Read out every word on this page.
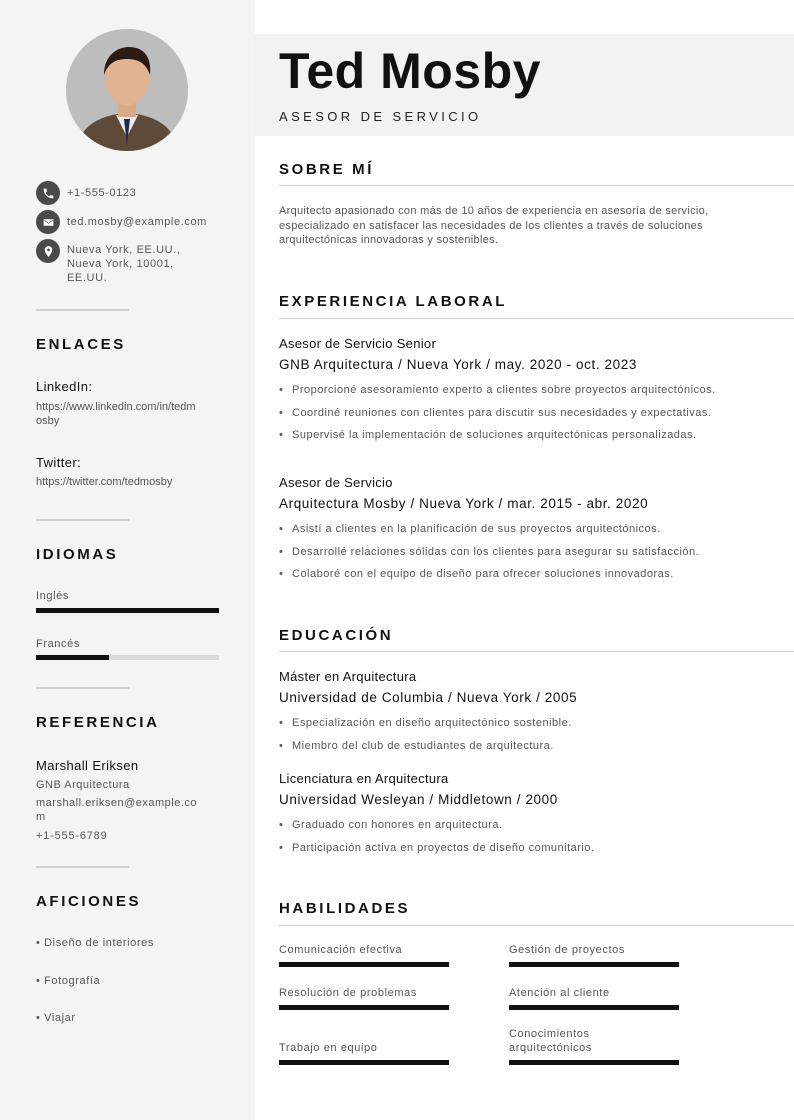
+1-555-0123
ted.mosby@example.com
Nueva York, EE.UU.,
Nueva York, 10001,
EE.UU.
ENLACES
LinkedIn:
https://www.linkedin.com/in/tedm
osby
Twitter:
https://twitter.com/tedmosby
IDIOMAS
Inglés
Francés
REFERENCIA
Marshall Eriksen
GNB Arquitectura
marshall.eriksen@example.co
m
+1-555-6789
AFICIONES
• Diseño de interiores
• Fotografía
• Viajar
Ted Mosby
ASESOR DE SERVICIO
SOBRE MÍ
Arquitecto apasionado con más de 10 años de experiencia en asesoría de servicio, especializado en satisfacer las necesidades de los clientes a través de soluciones arquitectónicas innovadoras y sostenibles.
EXPERIENCIA LABORAL
Asesor de Servicio Senior
GNB Arquitectura / Nueva York / may. 2020 - oct. 2023
• Proporcioné asesoramiento experto a clientes sobre proyectos arquitectónicos.
• Coordiné reuniones con clientes para discutir sus necesidades y expectativas.
• Supervisé la implementación de soluciones arquitectónicas personalizadas.
Asesor de Servicio
Arquitectura Mosby / Nueva York / mar. 2015 - abr. 2020
• Asistí a clientes en la planificación de sus proyectos arquitectónicos.
• Desarrollé relaciones sólidas con los clientes para asegurar su satisfacción.
• Colaboré con el equipo de diseño para ofrecer soluciones innovadoras.
EDUCACIÓN
Máster en Arquitectura
Universidad de Columbia / Nueva York / 2005
• Especialización en diseño arquitectónico sostenible.
• Miembro del club de estudiantes de arquitectura.
Licenciatura en Arquitectura
Universidad Wesleyan / Middletown / 2000
• Graduado con honores en arquitectura.
• Participación activa en proyectos de diseño comunitario.
HABILIDADES
Comunicación efectiva	Gestión de proyectos
Resolución de problemas	Atención al cliente
Trabajo en equipo
Conocimientos arquitectónicos
